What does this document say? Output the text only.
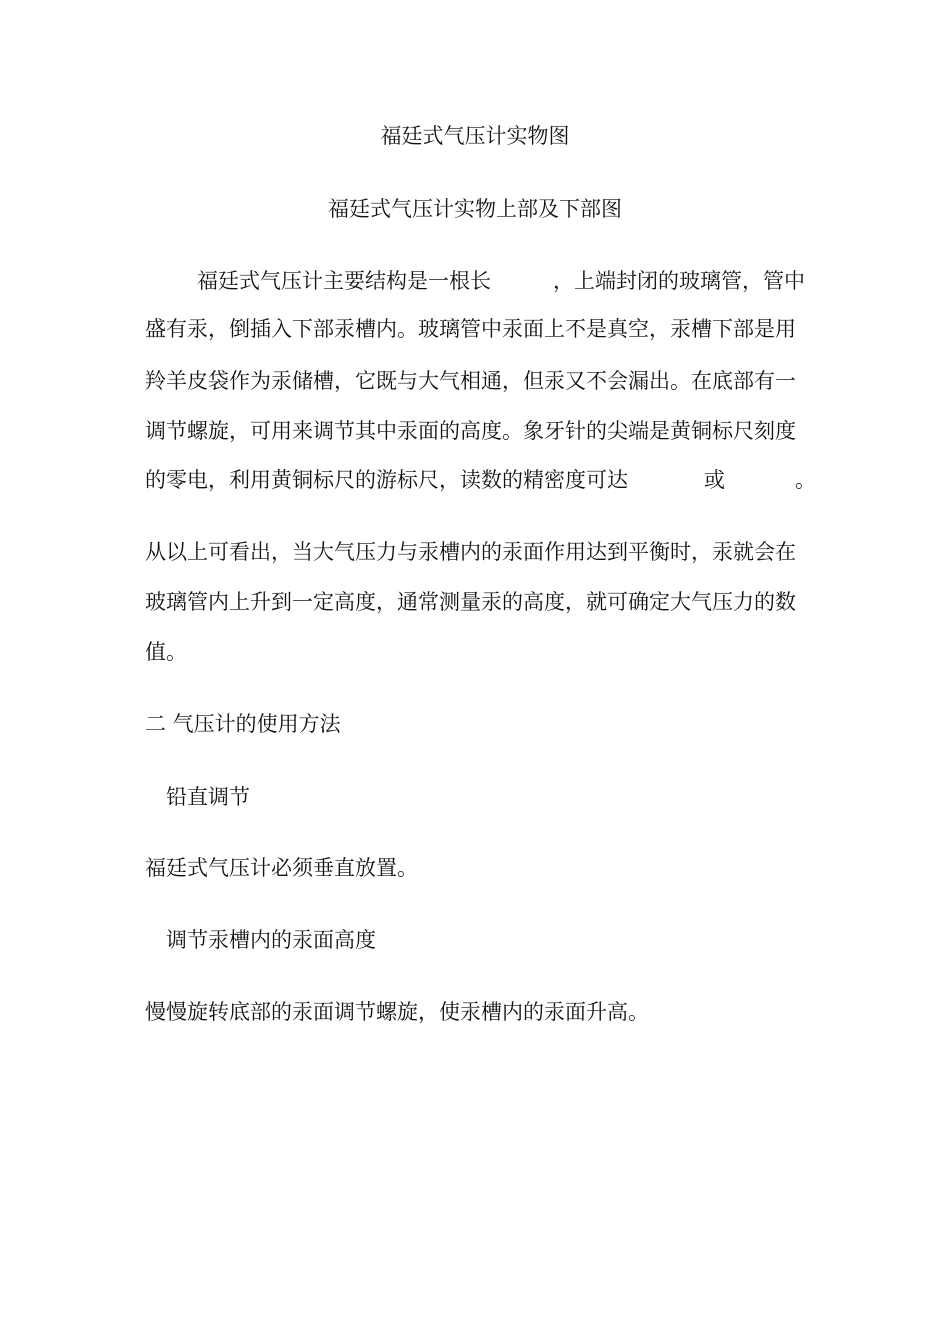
福廷式气压计实物图
福廷式气压计实物上部及下部图
福廷式气压计主要结构是一根长	，上端封闭的玻璃管，管中
盛有汞，倒插入下部汞槽内。玻璃管中汞面上不是真空，汞槽下部是用
羚羊皮袋作为汞储槽，它既与大气相通，但汞又不会漏出。在底部有一
调节螺旋，可用来调节其中汞面的高度。象牙针的尖端是黄铜标尺刻度
的零电，利用黄铜标尺的游标尺，读数的精密度可达	或	。
从以上可看出，当大气压力与汞槽内的汞面作用达到平衡时，汞就会在
玻璃管内上升到一定高度，通常测量汞的高度，就可确定大气压力的数
值。
二 气压计的使用方法
铅直调节
福廷式气压计必须垂直放置。
调节汞槽内的汞面高度
慢慢旋转底部的汞面调节螺旋，使汞槽内的汞面升高。
